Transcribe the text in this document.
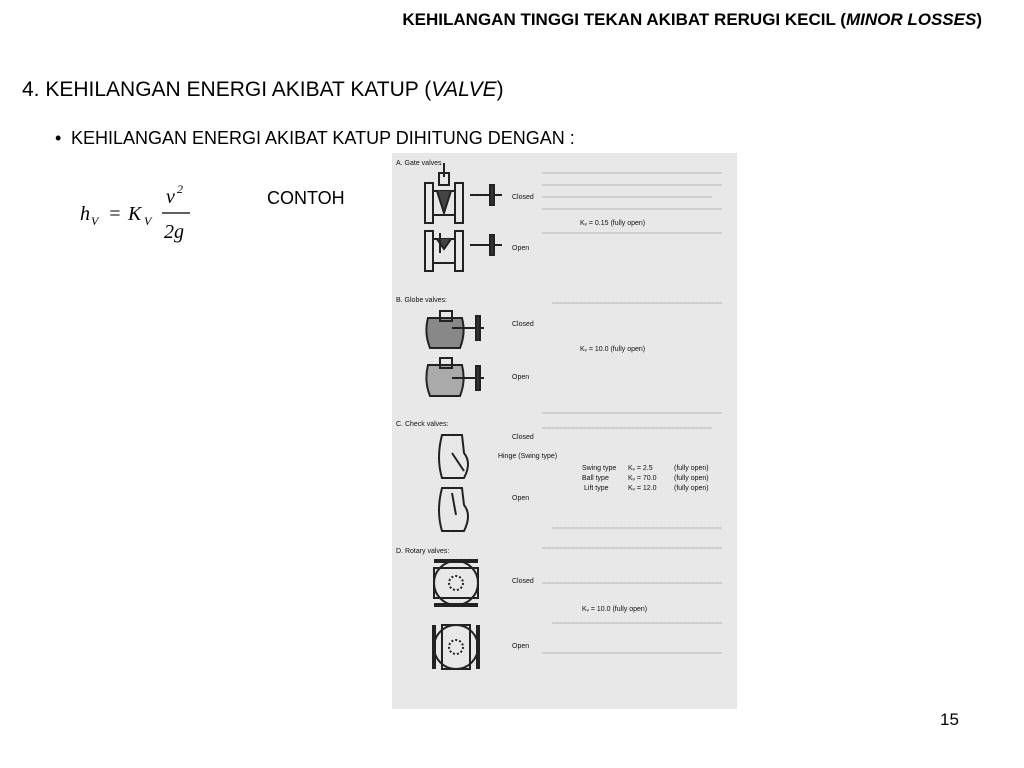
KEHILANGAN TINGGI TEKAN AKIBAT RERUGI KECIL (MINOR LOSSES)
4. KEHILANGAN ENERGI AKIBAT KATUP (VALVE)
• KEHILANGAN ENERGI AKIBAT KATUP DIHITUNG DENGAN :
h V = K V
v 2
2g
CONTOH
A. Gate valves
Closed
Kᵥ = 0.15 (fully open)
Open
B. Globe valves:
Closed
Kᵥ = 10.0 (fully open)
Open
C. Check valves:
Closed
Hinge (Swing type)
Swing type Kᵥ = 2.5	(fully open)
Ball type	Kᵥ = 70.0 (fully open)
Lift type	Kᵥ = 12.0 (fully open)
Open
D. Rotary valves:
Closed
Kᵥ = 10.0 (fully open)
Open
15
